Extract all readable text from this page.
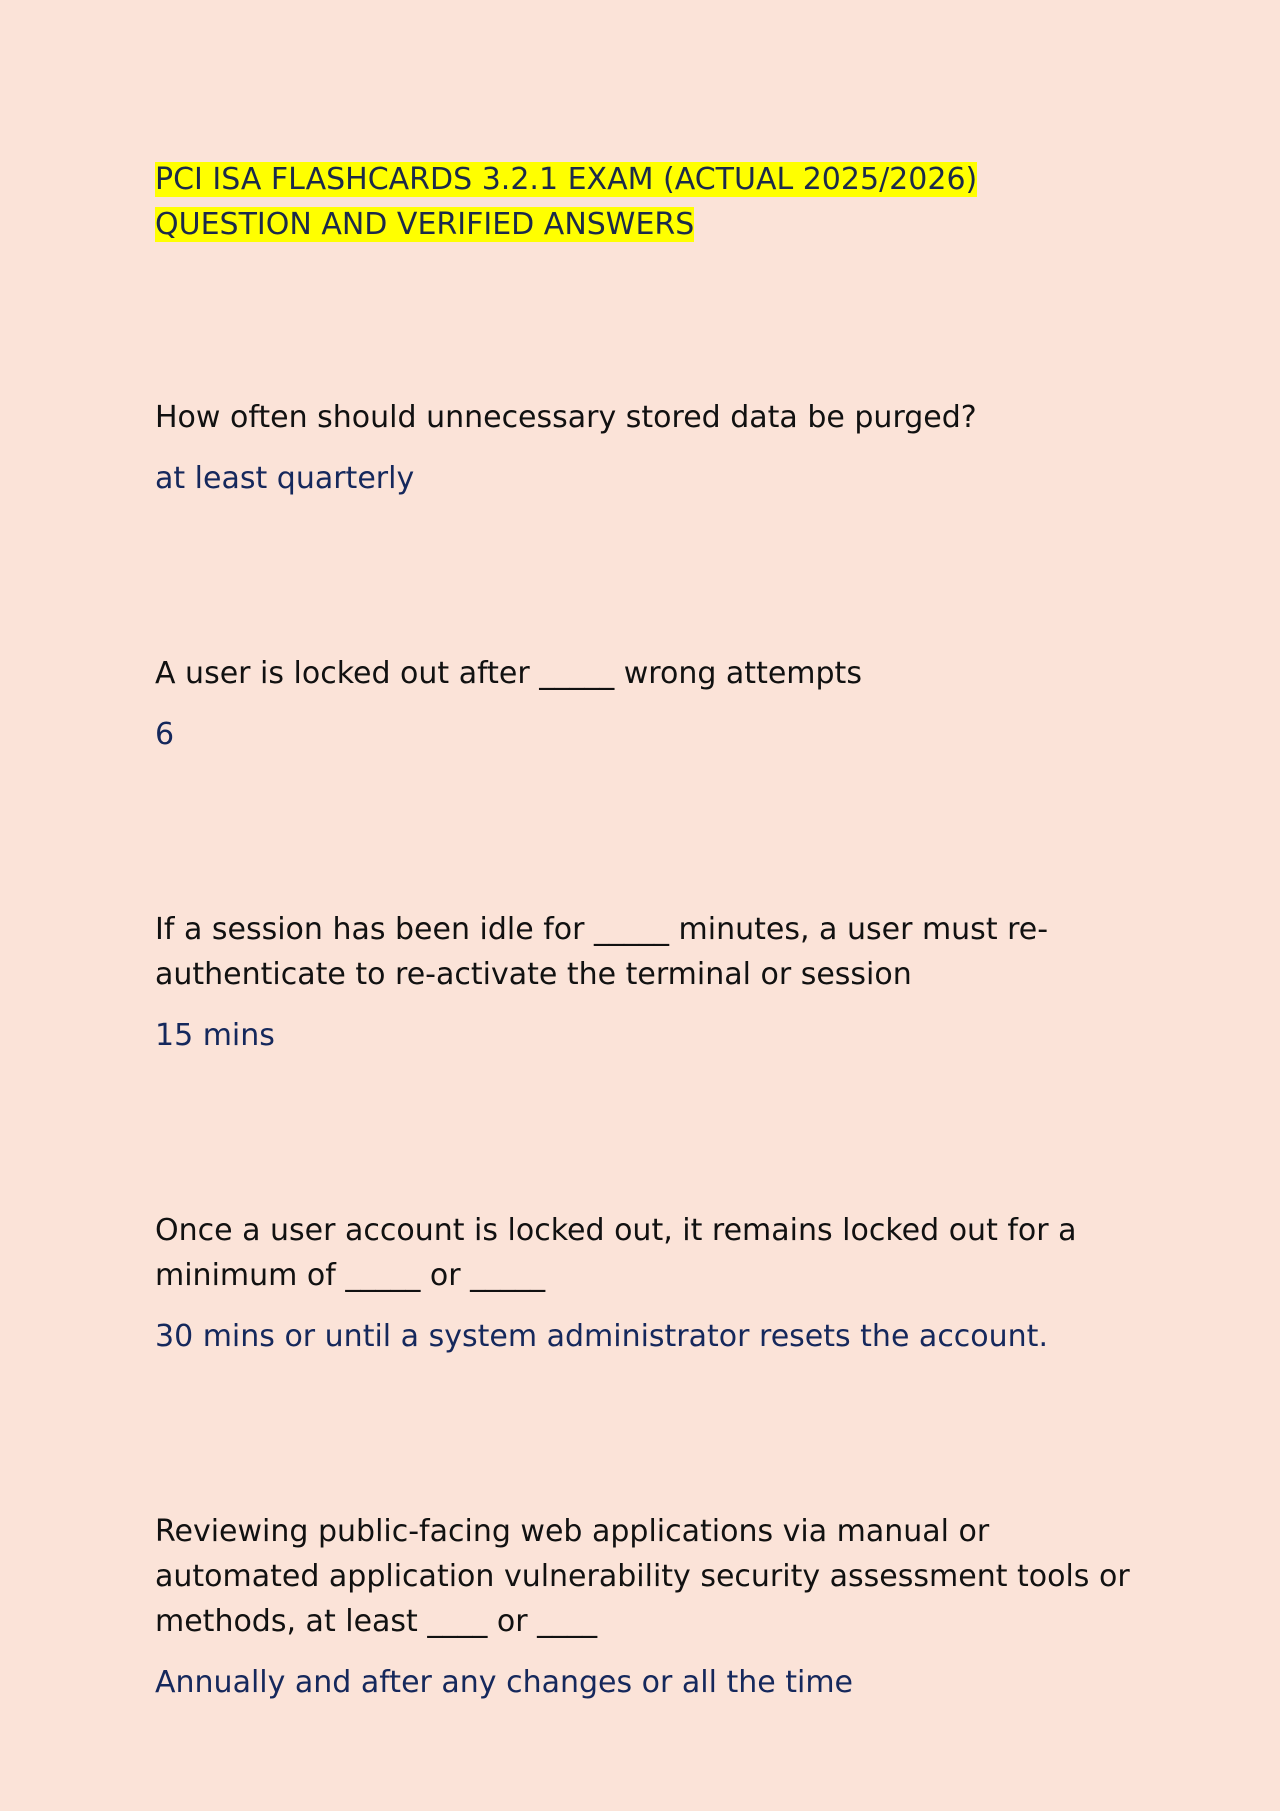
PCI ISA FLASHCARDS 3.2.1 EXAM (ACTUAL 2025/2026)
QUESTION AND VERIFIED ANSWERS

How often should unnecessary stored data be purged?

at least quarterly

A user is locked out after _____ wrong attempts

6

If a session has been idle for _____ minutes, a user must re-authenticate to re-activate the terminal or session

15 mins

Once a user account is locked out, it remains locked out for a minimum of _____ or _____

30 mins or until a system administrator resets the account.

Reviewing public-facing web applications via manual or automated application vulnerability security assessment tools or methods, at least ____ or ____

Annually and after any changes or all the time
